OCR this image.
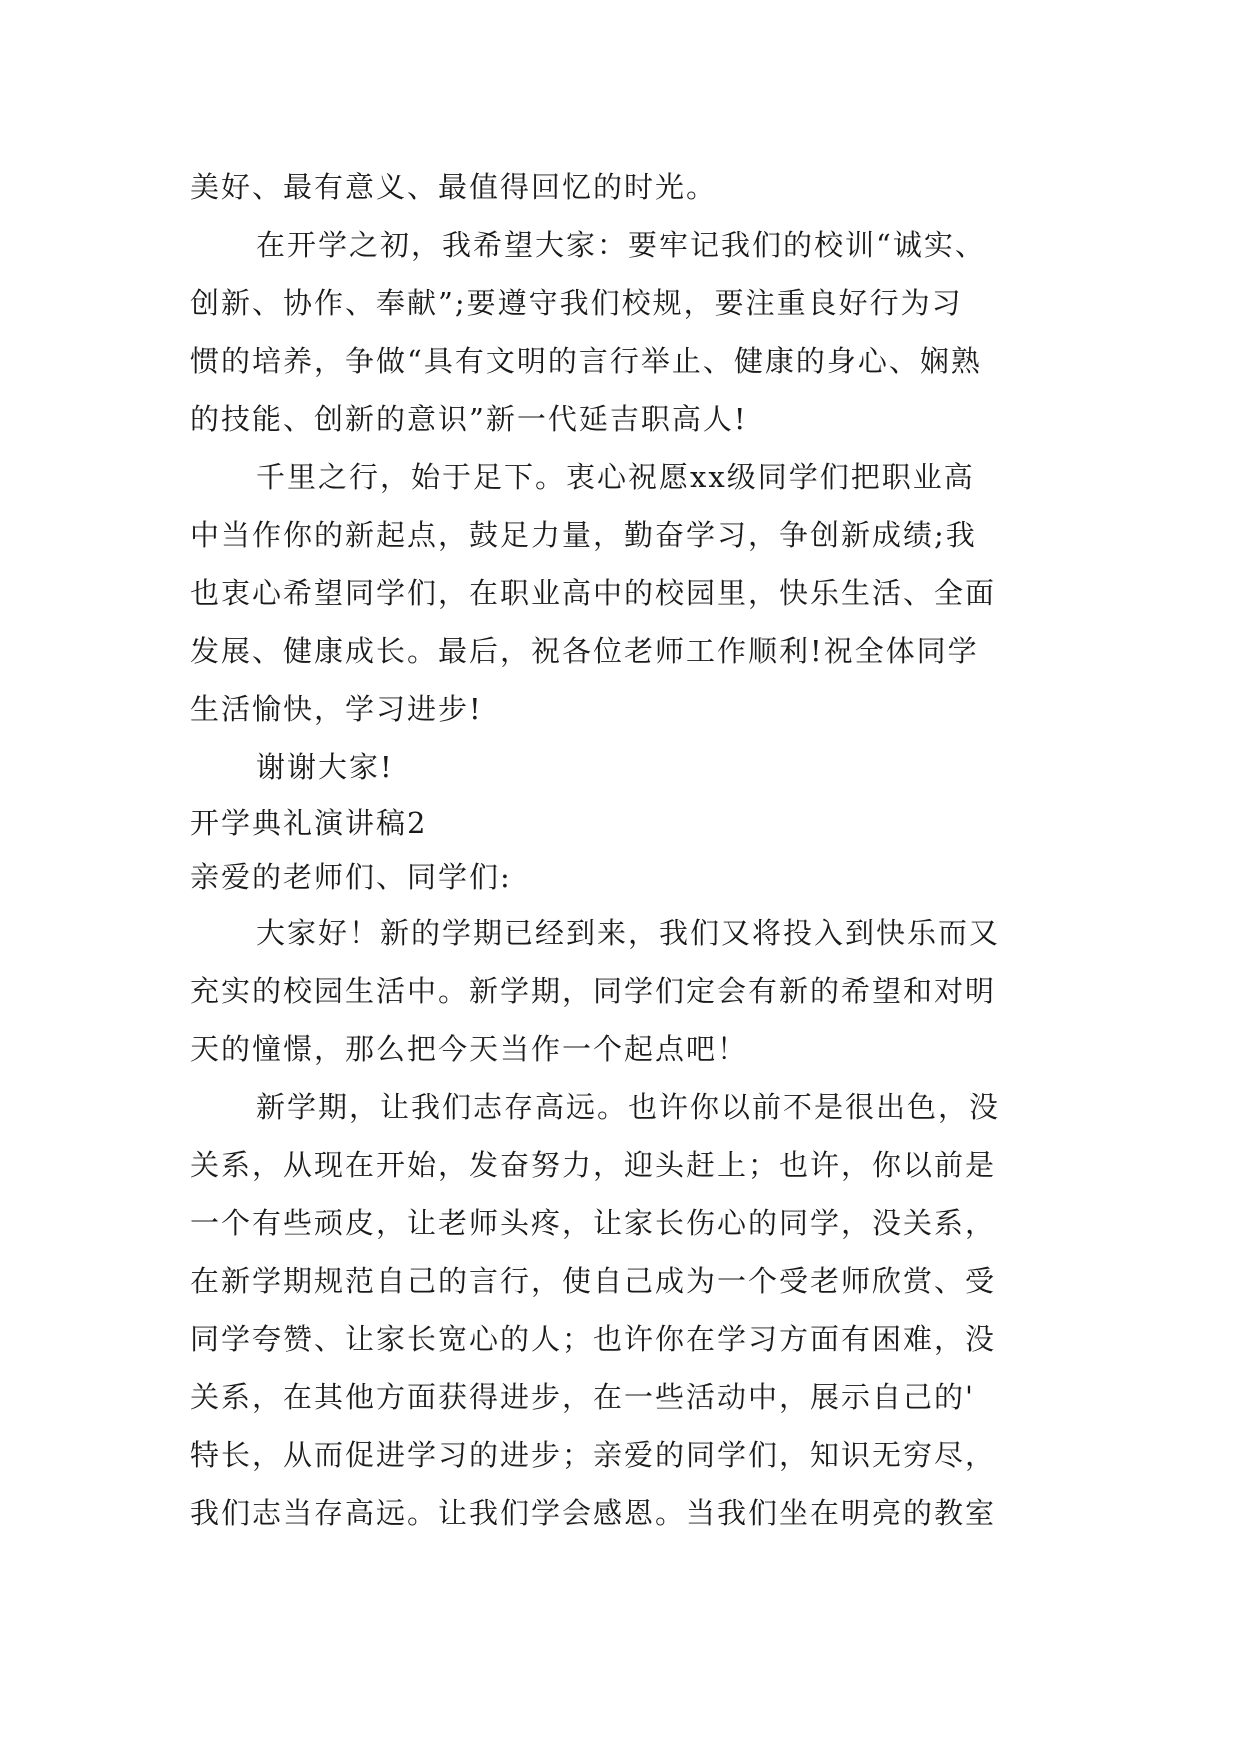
美好、最有意义、最值得回忆的时光。
在开学之初，我希望大家：要牢记我们的校训“诚实、
创新、协作、奉献”;要遵守我们校规，要注重良好行为习
惯的培养，争做“具有文明的言行举止、健康的身心、娴熟
的技能、创新的意识”新一代延吉职高人!
千里之行，始于足下。衷心祝愿xx级同学们把职业高
中当作你的新起点，鼓足力量，勤奋学习，争创新成绩;我
也衷心希望同学们，在职业高中的校园里，快乐生活、全面
发展、健康成长。最后，祝各位老师工作顺利!祝全体同学
生活愉快，学习进步!
谢谢大家!
开学典礼演讲稿2
亲爱的老师们、同学们:
大家好！新的学期已经到来，我们又将投入到快乐而又
充实的校园生活中。新学期，同学们定会有新的希望和对明
天的憧憬，那么把今天当作一个起点吧！
新学期，让我们志存高远。也许你以前不是很出色，没
关系，从现在开始，发奋努力，迎头赶上；也许，你以前是
一个有些顽皮，让老师头疼，让家长伤心的同学，没关系，
在新学期规范自己的言行，使自己成为一个受老师欣赏、受
同学夸赞、让家长宽心的人；也许你在学习方面有困难，没
关系，在其他方面获得进步，在一些活动中，展示自己的'
特长，从而促进学习的进步；亲爱的同学们，知识无穷尽，
我们志当存高远。让我们学会感恩。当我们坐在明亮的教室
